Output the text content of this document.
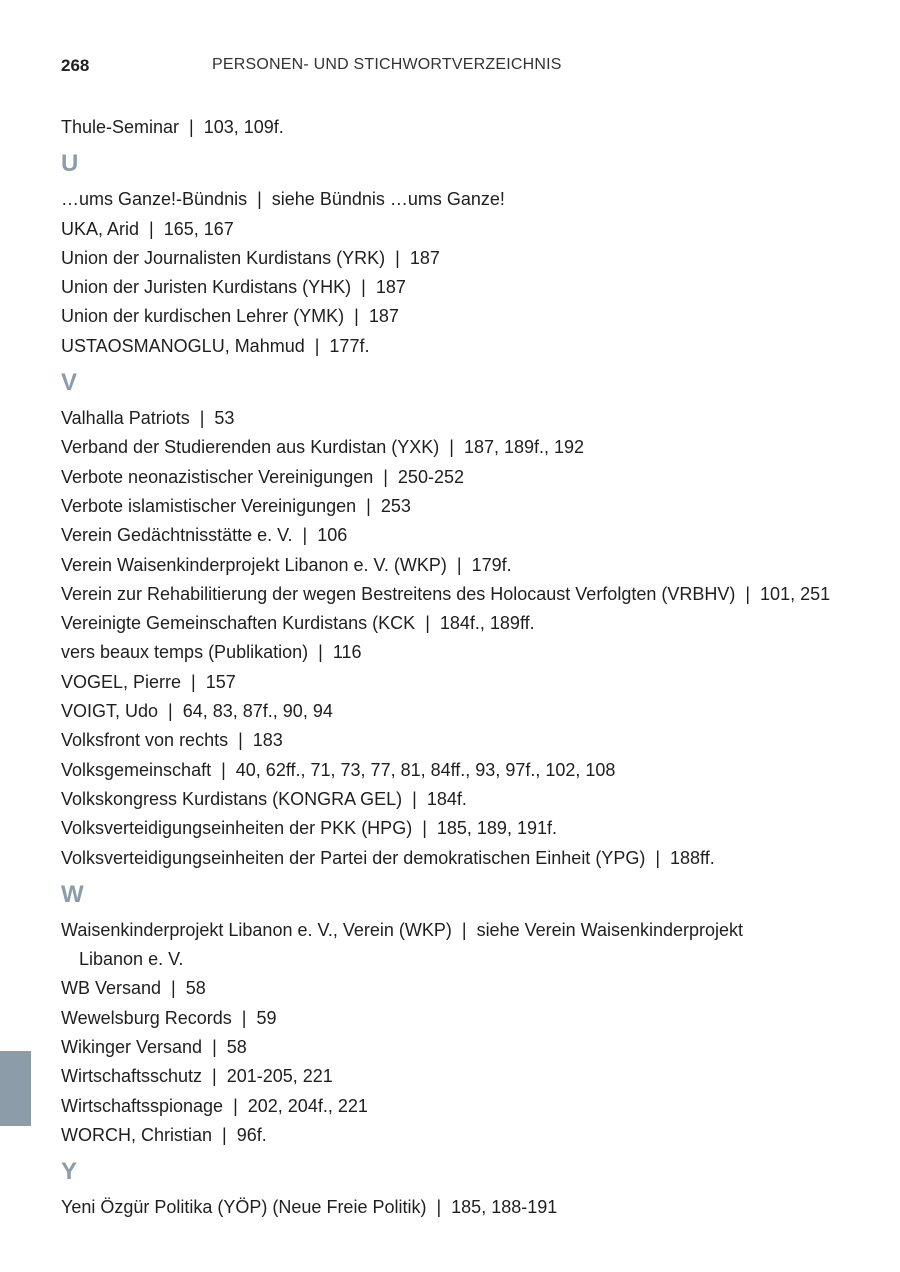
268	PERSONEN- UND STICHWORTVERZEICHNIS
Thule-Seminar | 103, 109f.
U
…ums Ganze!-Bündnis | siehe Bündnis …ums Ganze!
UKA, Arid | 165, 167
Union der Journalisten Kurdistans (YRK) | 187
Union der Juristen Kurdistans (YHK) | 187
Union der kurdischen Lehrer (YMK) | 187
USTAOSMANOGLU, Mahmud | 177f.
V
Valhalla Patriots | 53
Verband der Studierenden aus Kurdistan (YXK) | 187, 189f., 192
Verbote neonazistischer Vereinigungen | 250-252
Verbote islamistischer Vereinigungen | 253
Verein Gedächtnisstätte e. V. | 106
Verein Waisenkinderprojekt Libanon e. V. (WKP) | 179f.
Verein zur Rehabilitierung der wegen Bestreitens des Holocaust Verfolgten (VRBHV) | 101, 251
Vereinigte Gemeinschaften Kurdistans (KCK | 184f., 189ff.
vers beaux temps (Publikation) | 116
VOGEL, Pierre | 157
VOIGT, Udo | 64, 83, 87f., 90, 94
Volksfront von rechts | 183
Volksgemeinschaft | 40, 62ff., 71, 73, 77, 81, 84ff., 93, 97f., 102, 108
Volkskongress Kurdistans (KONGRA GEL) | 184f.
Volksverteidigungseinheiten der PKK (HPG) | 185, 189, 191f.
Volksverteidigungseinheiten der Partei der demokratischen Einheit (YPG) | 188ff.
W
Waisenkinderprojekt Libanon e. V., Verein (WKP) | siehe Verein Waisenkinderprojekt
Libanon e. V.
WB Versand | 58
Wewelsburg Records | 59
Wikinger Versand | 58
Wirtschaftsschutz | 201-205, 221
Wirtschaftsspionage | 202, 204f., 221
WORCH, Christian | 96f.
Y
Yeni Özgür Politika (YÖP) (Neue Freie Politik) | 185, 188-191
